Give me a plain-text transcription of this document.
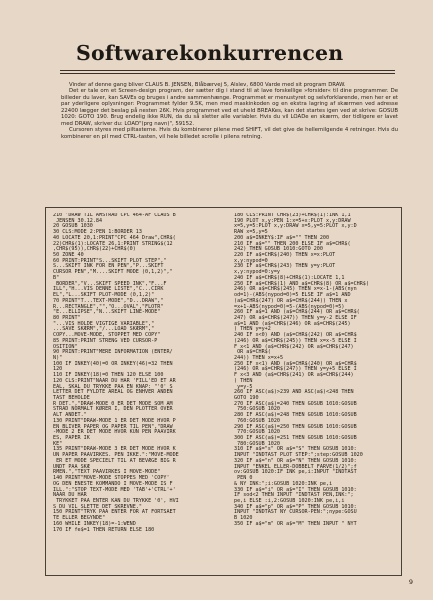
Softwarekonkurrencen

Vinder af denne gang bliver CLAUS B. JENSEN, Blåbærvej 5, Alslev, 6800 Varde med sit program DRAW.

Det er tale om et Screen-design program, der sætter dig i stand til at lave forskellige »forsider« til dine programmer. De billeder du laver, kan SAVEs og bruges i andre sammenhænge. Programmet er menustyret og selvforklarende, men her er et par yderligere oplysninger: Programmet fylder 9.5K, men med maskinkoden og en ekstra lagring af skærmen ved adresse 22400 lægger det beslag på nesten 26K. Hvis programmet ved et uheld BREAKes, kan det startes igen ved at skrive: GOSUB 1020: GOTO 190. Brug endelig ikke RUN, da du så sletter alle variabler. Hvis du vil LOADe en skærm, der tidligere er lavet med DRAW, skriver du: LOAD"(prg navn)", 59152.

Cursoren styres med piltasterne. Hvis du kombinerer pilene med SHIFT, vil det give de hellemilgende 4 retninger. Hvis du kombinerer en pil med CTRL-tasten, vil hele billedet scrolle i pilens retning.

210 'DRAW TIL AMSTRAD CPC 464-AF CLAUS B
JENSEN 30.12.84
20 GOSUB 1030
30 CLS:MODE 2:PEN 1:BORDER 13
40 LOCATE 20,1:PRINT"CPC 464 Draw",CHR$(
22)CHR$(1):LOCATE 26,1:PRINT STRING$(12
,CHR$(95)),CHR$(22)+CHR$(0)
50 ZONE 40
60 PRINT:PRINT"S...SKIFT PLOT STEP","
S...SKIFT INK FOR EN PEN","P...SKIFT
CURSOR PEN","M....SKIFT MODE (0,1,2)","
B"
BORDER","V...SKIFT SPEED INK","F...F
ILL","H...VIS DENNE LISTE","C...CIRK
EL","L...SKIFT PLOT-MODE (0,1,2)"
70 PRINT"T...TEXT-MODE","D...DRAW","
R...RECTANGLE","","O...OVAL","FLOTR"
"E...ELLIPSE","N...SKIFT LINE-MODE"
80 PRINT"
"...VIS HOLDE VIGTIGE VARIABLE","
...SAVE SKÆRM","/...LOAD SKÆRM","
COPY...MOVE-MODE, STOPPET MED COPY"
85 PRINT:PRINT STRENG VED CURSOR-P
OSITION"
90 PRINT:PRINT"MERE INFORMATION (ENTER/
N)"
100 IF INKEY(40)=0 OR INKEY(46)=32 THEN
120
110 IF INKEY(18)=0 THEN 120 ELSE 100
120 CLS:PRINT"NAAR DU HAR 'FILL'ED ET AR
EAL, SKAL DU TRYKKE PAA EN KNAP: "'0' S
LETTER DET FYLDTE AREAL OG ENHVER ANDEN
TAST BEHOLDE
R DET.","DRAW-MODE 0 ER DET MODE SOM AM
STRAD NORMALT KØRER I, DEN PLOTTER OVER
ALT ANDET."
130 PRINT"DRAW-MODE 1 ER DET MODE HVOR P
EN BLIVER PAPER OG PAPER TIL PEN","DRAW
-MODE 2 ER DET MODE HVOR KUN PEN PAAVIRK
ES, PAPER IK
KE"
135 PRINT"DRAW-MODE 3 ER DET MODE HVOR K
UN PAPER PAAVIRKES. PEN IKKE.":"MOVE-MODE
ER ET MODE SPECIELT TIL AT BEVÆGE BIG R
UNDT PAA SKÆ
RMEN.","TEXT PAAVIRKES I MOVE-MODE"
140 PRINT"MOVE-MODE STOPPES MED 'COPY'
OG DEN ENESTE KOMMANDO I MOVE-MODE IS F
ILL.":"STOP TEXT-MODE MED 'TAB'+'CTRL'+'
NAAR DU HAR
TRYKKET PAA ENTER KAN DU TRYKKE '0', HVI
S DU VIL SLETTE DET SKREVNE."
150 PRINT"TRYK PAA ENTER FOR AT FORTSAET
TE ELLER BEGYNDE"
160 WHILE INKEY(18)=-1:WEND
170 IF fe$=1 THEN RETURN ELSE 180
180 CLS:PRINT CHR$(23)+CHR$(1):INK 1,1
190 PLOT x,y:PEN 1:x=5+x:PLOT x,y:DRAW
x=5,y=5:PLOT x,y:DRAW x=5,y=5:PLOT x,y:D
RAW x=5,y=5
200 a$=INKEY$:IF a$="" THEN 200
210 IF a$="" THEN 200 ELSE IF a$=CHR$(
242) THEN GOSUB 1010:GOTO 200
220 IF a$=CHR$(240) THEN x=x:PLOT
x,y:nypod=0
230 IF a$=CHR$(243) THEN y=y:PLOT
x,y:nypod=0:y=y
240 IF a$=CHR$(8)+CHR$(1):LOCATE 1,1
250 IF a$=CHR$(1) AND a$=CHR$(8) OR a$=CHR$(
246) OR a$=CHR$(245) THEN x=x-1-(ABS(nyn
od=1)-(ABS(nypod=0)=5 ELSE IF a$=1 AND
(a$=CHR$(247) OR a$=CHR$(244)) THEN x
=x+1-ABS(nypod=0)=5-(ABS(nypod=0)=5)
260 IF a$=1 AND (a$=CHR$(244) OR a$=CHR$(
247) OR a$=CHR$(247)) THEN y=y-2 ELSE IF
a$=1 AND (a$=CHR$(246) OR a$=CHR$(245)
) THEN y=y+2
240 IF x<0) AND (a$=CHR$(242) OR a$=CHR$
(246) OR a$=CHR$(245)) THEN x=x-5 ELSE I
F x<1 AND (a$=CHR$(242) OR a$=CHR$(247)
OR a$=CHR$(
244)) THEN x=x+5
250 IF x<1) AND (a$=CHR$(240) OR a$=CHR$
(246) OR a$=CHR$(247)) THEN y=y+5 ELSE I
F x<3 AND (a$=CHR$(241) OR a$=CHR$(244)
) THEN
y=y-5
260 IF ASC(a$)>239 AND ASC(a$)<248 THEN
GOTO 190
270 IF ASC(a$)=240 THEN GOSUB 1010:GOSUB
750:GOSUB 1020
280 IF ASC(a$)=248 THEN GOSUB 1010:GOSUB
760:GOSUB 1020
290 IF ASC(a$)=250 THEN GOSUB 1010:GOSUB
770:GOSUB 1020
300 IF ASC(a$)=251 THEN GOSUB 1010:GOSUB
780:GOSUB 1020
310 IF a$="s" OR a$="S" THEN GOSUB 1010:
INPUT "INDTAST PLOT STEP:";step:GOSUB 1020
320 IF a$="n" OR a$="N" THEN GOSUB 1010:
INPUT "ENKEL ELLER-DOBBELT FARVE(1/2)";f
ov:GOSUB 1020:IF INK pe,i:INPUT "INDTAST
PEN 0
& NY INK:";i:GOSUB 1020:INK pe,i
330 IF a$="i" OR a$="I" THEN GOSUB 1010:
IF sod<2 THEN INPUT "INDTAST PEN,INK:";
pe,i ELSE :i,2:GOSUB 1020:INK pe,i,i
340 IF a$="p" OR a$="P" THEN GOSUB 1010:
INPUT "INDTAST NY CURSOR-PEN:";nype:GOSU
B 1020
350 IF a$="m" OR a$="M" THEN INPUT " NYT
9
